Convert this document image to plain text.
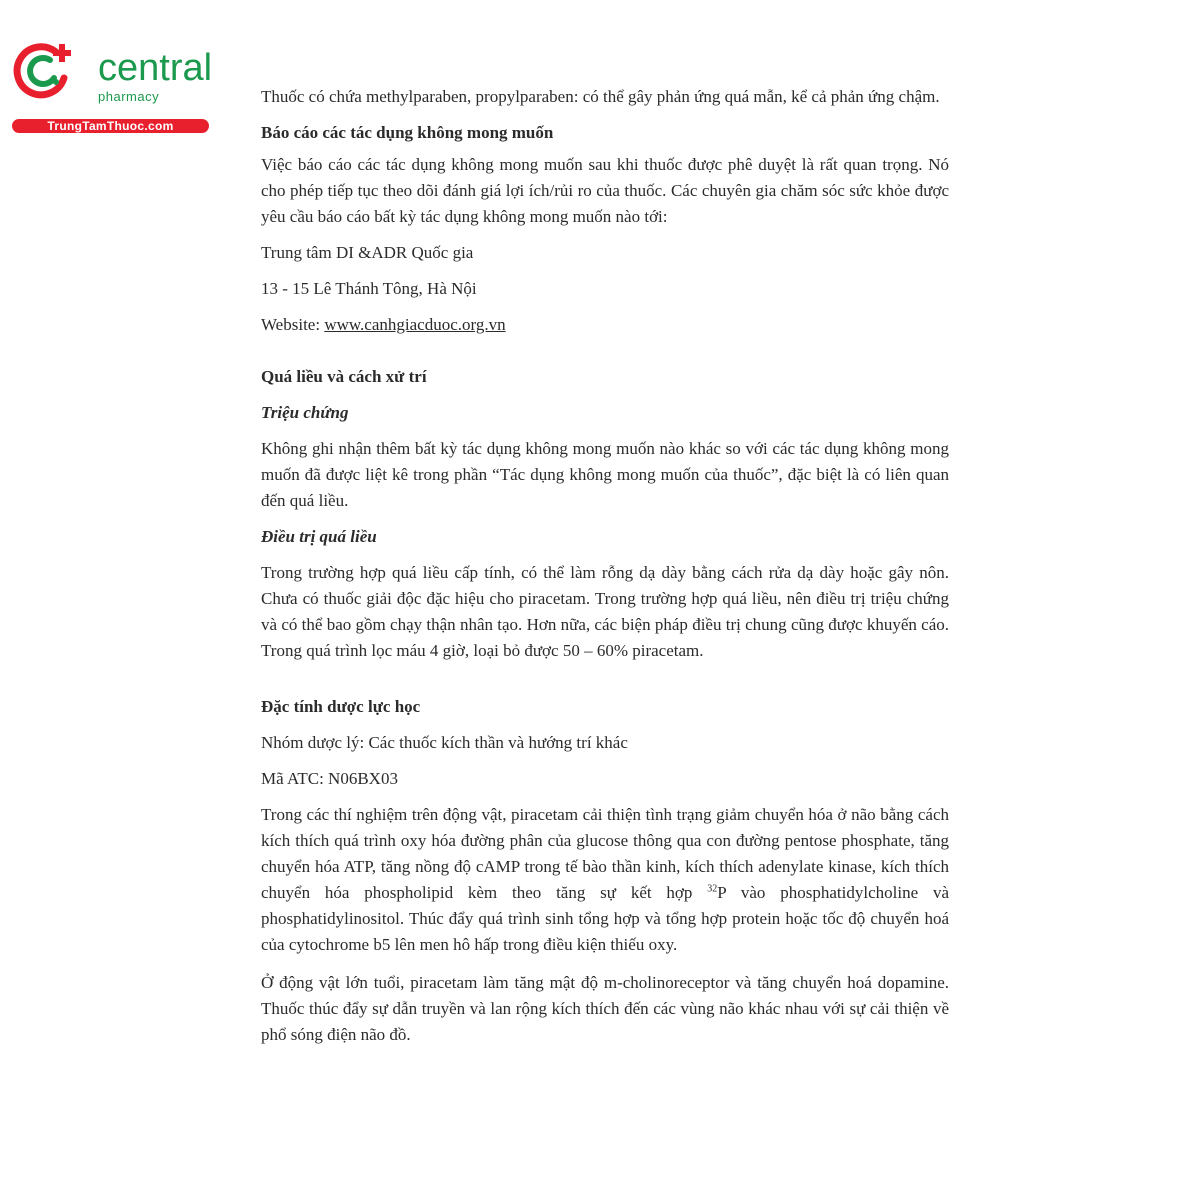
central
pharmacy
TrungTamThuoc.com

Thuốc có chứa methylparaben, propylparaben: có thể gây phản ứng quá mẫn, kể cả phản ứng chậm.

Báo cáo các tác dụng không mong muốn

Việc báo cáo các tác dụng không mong muốn sau khi thuốc được phê duyệt là rất quan trọng. Nó cho phép tiếp tục theo dõi đánh giá lợi ích/rủi ro của thuốc. Các chuyên gia chăm sóc sức khỏe được yêu cầu báo cáo bất kỳ tác dụng không mong muốn nào tới:

Trung tâm DI &ADR Quốc gia

13 - 15 Lê Thánh Tông, Hà Nội

Website: www.canhgiacduoc.org.vn

Quá liều và cách xử trí

Triệu chứng

Không ghi nhận thêm bất kỳ tác dụng không mong muốn nào khác so với các tác dụng không mong muốn đã được liệt kê trong phần “Tác dụng không mong muốn của thuốc”, đặc biệt là có liên quan đến quá liều.

Điều trị quá liều

Trong trường hợp quá liều cấp tính, có thể làm rỗng dạ dày bằng cách rửa dạ dày hoặc gây nôn. Chưa có thuốc giải độc đặc hiệu cho piracetam. Trong trường hợp quá liều, nên điều trị triệu chứng và có thể bao gồm chạy thận nhân tạo. Hơn nữa, các biện pháp điều trị chung cũng được khuyến cáo. Trong quá trình lọc máu 4 giờ, loại bỏ được 50 – 60% piracetam.

Đặc tính dược lực học

Nhóm dược lý: Các thuốc kích thần và hướng trí khác

Mã ATC: N06BX03

Trong các thí nghiệm trên động vật, piracetam cải thiện tình trạng giảm chuyển hóa ở não bằng cách kích thích quá trình oxy hóa đường phân của glucose thông qua con đường pentose phosphate, tăng chuyển hóa ATP, tăng nồng độ cAMP trong tế bào thần kinh, kích thích adenylate kinase, kích thích chuyển hóa phospholipid kèm theo tăng sự kết hợp $^{32}$P vào phosphatidylcholine và phosphatidylinositol. Thúc đẩy quá trình sinh tổng hợp và tổng hợp protein hoặc tốc độ chuyển hoá của cytochrome b5 lên men hô hấp trong điều kiện thiếu oxy.

Ở động vật lớn tuổi, piracetam làm tăng mật độ m-cholinoreceptor và tăng chuyển hoá dopamine. Thuốc thúc đẩy sự dẫn truyền và lan rộng kích thích đến các vùng não khác nhau với sự cải thiện về phổ sóng điện não đồ.
